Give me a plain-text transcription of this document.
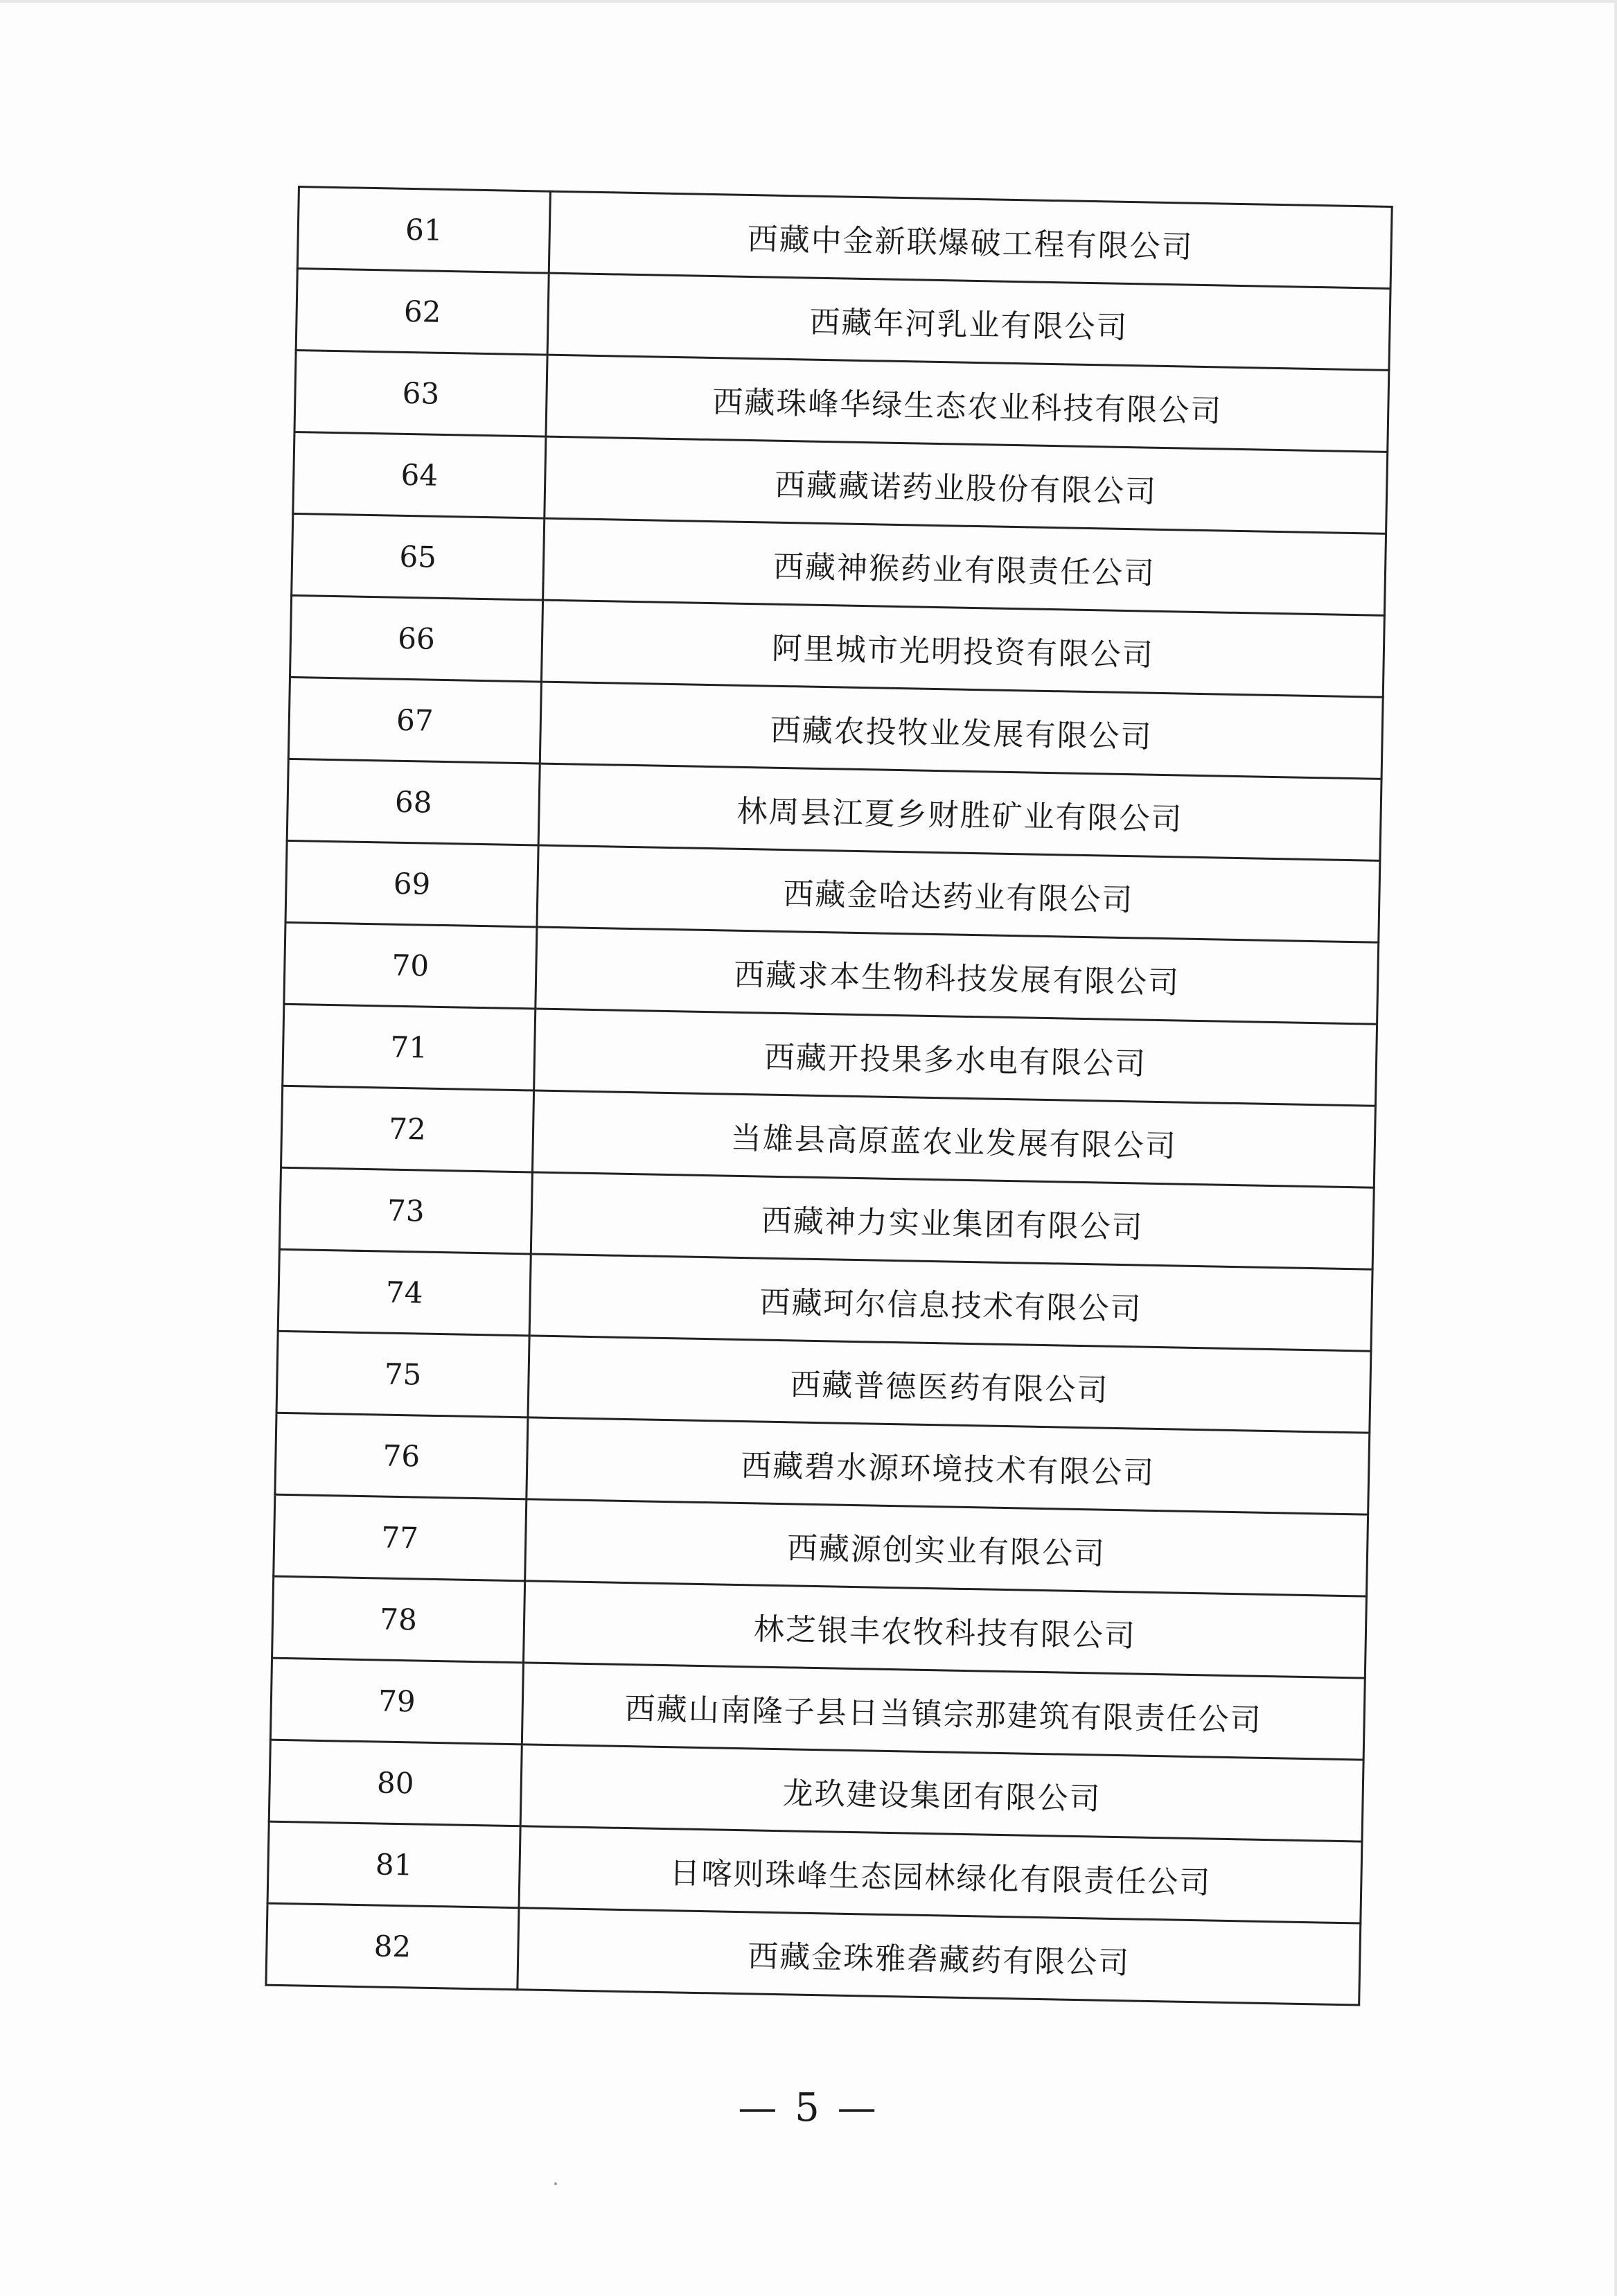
61	西藏中金新联爆破工程有限公司
62	西藏年河乳业有限公司
63	西藏珠峰华绿生态农业科技有限公司
64	西藏藏诺药业股份有限公司
65	西藏神猴药业有限责任公司
66	阿里城市光明投资有限公司
67	西藏农投牧业发展有限公司
68	林周县江夏乡财胜矿业有限公司
69	西藏金哈达药业有限公司
70	西藏求本生物科技发展有限公司
71	西藏开投果多水电有限公司
72	当雄县高原蓝农业发展有限公司
73	西藏神力实业集团有限公司
74	西藏珂尔信息技术有限公司
75	西藏普德医药有限公司
76	西藏碧水源环境技术有限公司
77	西藏源创实业有限公司
78	林芝银丰农牧科技有限公司
79	西藏山南隆子县日当镇宗那建筑有限责任公司
80	龙玖建设集团有限公司
81	日喀则珠峰生态园林绿化有限责任公司
82	西藏金珠雅砻藏药有限公司
— 5 —
